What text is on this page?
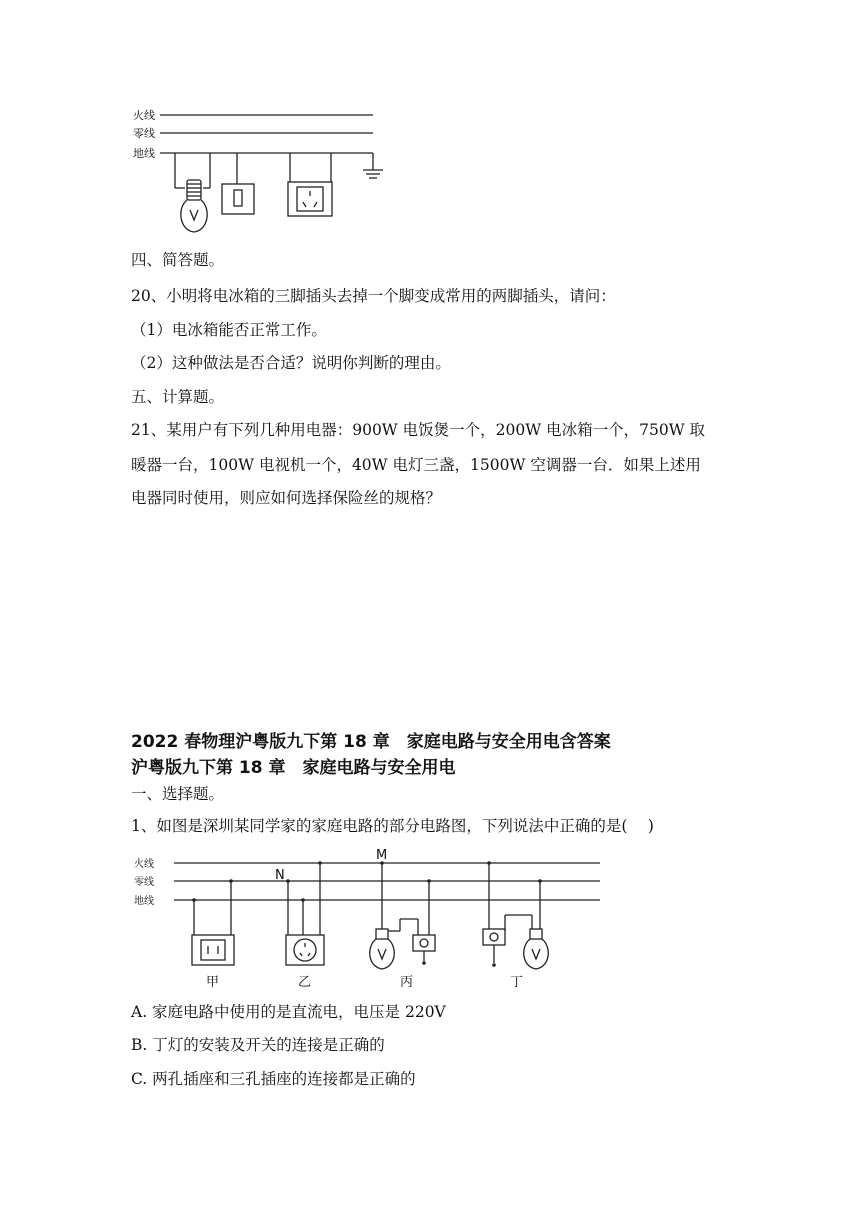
火线
零线
地线
四、简答题。
20、小明将电冰箱的三脚插头去掉一个脚变成常用的两脚插头，请问：
（1）电冰箱能否正常工作。
（2）这种做法是否合适？说明你判断的理由。
五、计算题。
21、某用户有下列几种用电器：900W 电饭煲一个，200W 电冰箱一个，750W 取
暖器一台，100W 电视机一个，40W 电灯三盏，1500W 空调器一台．如果上述用
电器同时使用，则应如何选择保险丝的规格？
2022 春物理沪粤版九下第 18 章　家庭电路与安全用电含答案
沪粤版九下第 18 章　家庭电路与安全用电
一、选择题。
1、如图是深圳某同学家的家庭电路的部分电路图，下列说法中正确的是(　 )
火线
零线
地线
M
N
甲	乙	丙	丁
A. 家庭电路中使用的是直流电，电压是 220V
B. 丁灯的安装及开关的连接是正确的
C. 两孔插座和三孔插座的连接都是正确的
